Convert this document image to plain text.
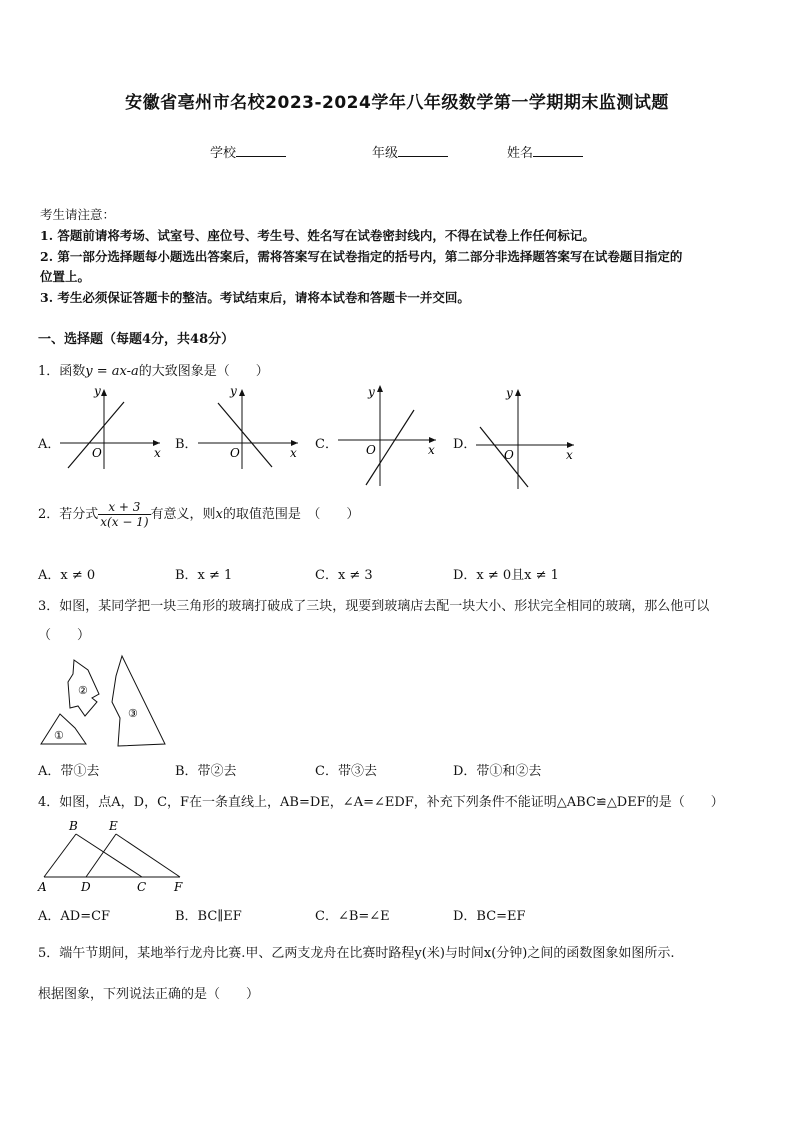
安徽省亳州市名校2023-2024学年八年级数学第一学期期末监测试题
学校	年级	姓名
考生请注意：
1. 答题前请将考场、试室号、座位号、考生号、姓名写在试卷密封线内，不得在试卷上作任何标记。
2. 第一部分选择题每小题选出答案后，需将答案写在试卷指定的括号内，第二部分非选择题答案写在试卷题目指定的
位置上。
3. 考生必须保证答题卡的整洁。考试结束后，请将本试卷和答题卡一并交回。
一、选择题（每题4分，共48分）
1．函数y = ax-a的大致图象是（　　）
A．	B．	C．	D．
y
x
O
y
x
O
y
x
O
y
x
O
2．若分式 $\frac{x + 3}{x(x - 1)}$ 有意义，则x的取值范围是　（　　）
A．x ≠ 0	B．x ≠ 1	C．x ≠ 3	D．x ≠ 0且x ≠ 1
3．如图，某同学把一块三角形的玻璃打破成了三块，现要到玻璃店去配一块大小、形状完全相同的玻璃，那么他可以
（　　）
①
②
③
A．带①去	B．带②去	C．带③去	D．带①和②去
4．如图，点A，D，C，F在一条直线上，AB=DE，∠A=∠EDF，补充下列条件不能证明△ABC≌△DEF的是（　　）
B	E
A	D	C F
A．AD=CF	B．BC∥EF	C．∠B=∠E	D．BC=EF
5．端午节期间，某地举行龙舟比赛.甲、乙两支龙舟在比赛时路程y(米)与时间x(分钟)之间的函数图象如图所示.
根据图象，下列说法正确的是（　　）
